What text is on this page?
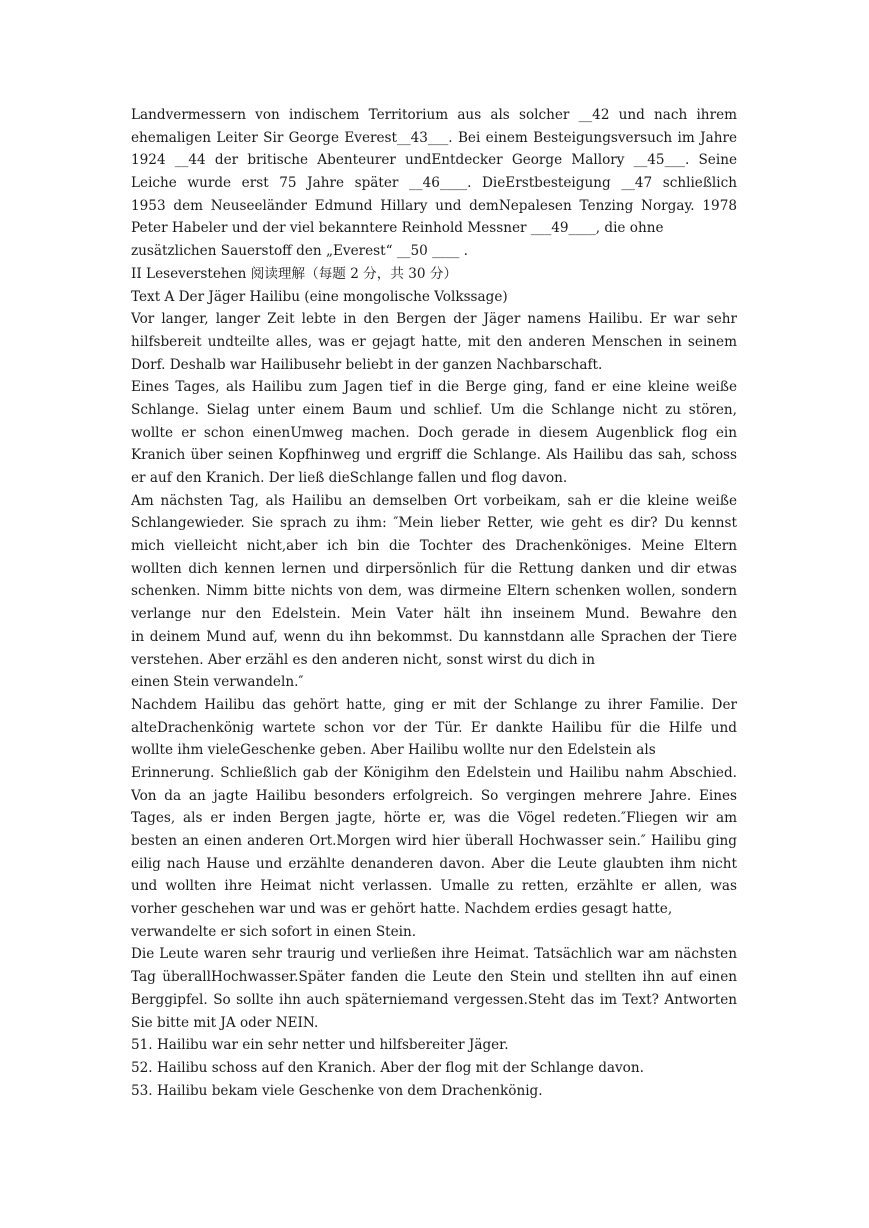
Landvermessern von indischem Territorium aus als solcher __42 und nach ihrem
ehemaligen Leiter Sir George Everest__43___. Bei einem Besteigungsversuch im Jahre
1924 __44 der britische Abenteurer undEntdecker George Mallory __45___. Seine
Leiche wurde erst 75 Jahre später __46____. DieErstbesteigung __47 schließlich
1953 dem Neuseeländer Edmund Hillary und demNepalesen Tenzing Norgay. 1978
Peter Habeler und der viel bekanntere Reinhold Messner ___49____, die ohne
zusätzlichen Sauerstoff den „Everest“ __50 ____ .
II Leseverstehen 阅读理解（每题 2 分，共 30 分）
Text A Der Jäger Hailibu (eine mongolische Volkssage)
Vor langer, langer Zeit lebte in den Bergen der Jäger namens Hailibu. Er war sehr
hilfsbereit undteilte alles, was er gejagt hatte, mit den anderen Menschen in seinem
Dorf. Deshalb war Hailibusehr beliebt in der ganzen Nachbarschaft.
Eines Tages, als Hailibu zum Jagen tief in die Berge ging, fand er eine kleine weiße
Schlange. Sielag unter einem Baum und schlief. Um die Schlange nicht zu stören,
wollte er schon einenUmweg machen. Doch gerade in diesem Augenblick flog ein
Kranich über seinen Kopfhinweg und ergriff die Schlange. Als Hailibu das sah, schoss
er auf den Kranich. Der ließ dieSchlange fallen und flog davon.
Am nächsten Tag, als Hailibu an demselben Ort vorbeikam, sah er die kleine weiße
Schlangewieder. Sie sprach zu ihm: ″Mein lieber Retter, wie geht es dir? Du kennst
mich vielleicht nicht,aber ich bin die Tochter des Drachenköniges. Meine Eltern
wollten dich kennen lernen und dirpersönlich für die Rettung danken und dir etwas
schenken. Nimm bitte nichts von dem, was dirmeine Eltern schenken wollen, sondern
verlange nur den Edelstein. Mein Vater hält ihn inseinem Mund. Bewahre den
in deinem Mund auf, wenn du ihn bekommst. Du kannstdann alle Sprachen der Tiere
verstehen. Aber erzähl es den anderen nicht, sonst wirst du dich in
einen Stein verwandeln.″
Nachdem Hailibu das gehört hatte, ging er mit der Schlange zu ihrer Familie. Der
alteDrachenkönig wartete schon vor der Tür. Er dankte Hailibu für die Hilfe und
wollte ihm vieleGeschenke geben. Aber Hailibu wollte nur den Edelstein als
Erinnerung. Schließlich gab der Königihm den Edelstein und Hailibu nahm Abschied.
Von da an jagte Hailibu besonders erfolgreich. So vergingen mehrere Jahre. Eines
Tages, als er inden Bergen jagte, hörte er, was die Vögel redeten.″Fliegen wir am
besten an einen anderen Ort.Morgen wird hier überall Hochwasser sein.″ Hailibu ging
eilig nach Hause und erzählte denanderen davon. Aber die Leute glaubten ihm nicht
und wollten ihre Heimat nicht verlassen. Umalle zu retten, erzählte er allen, was
vorher geschehen war und was er gehört hatte. Nachdem erdies gesagt hatte,
verwandelte er sich sofort in einen Stein.
Die Leute waren sehr traurig und verließen ihre Heimat. Tatsächlich war am nächsten
Tag überallHochwasser.Später fanden die Leute den Stein und stellten ihn auf einen
Berggipfel. So sollte ihn auch späterniemand vergessen.Steht das im Text? Antworten
Sie bitte mit JA oder NEIN.
51. Hailibu war ein sehr netter und hilfsbereiter Jäger.
52. Hailibu schoss auf den Kranich. Aber der flog mit der Schlange davon.
53. Hailibu bekam viele Geschenke von dem Drachenkönig.
